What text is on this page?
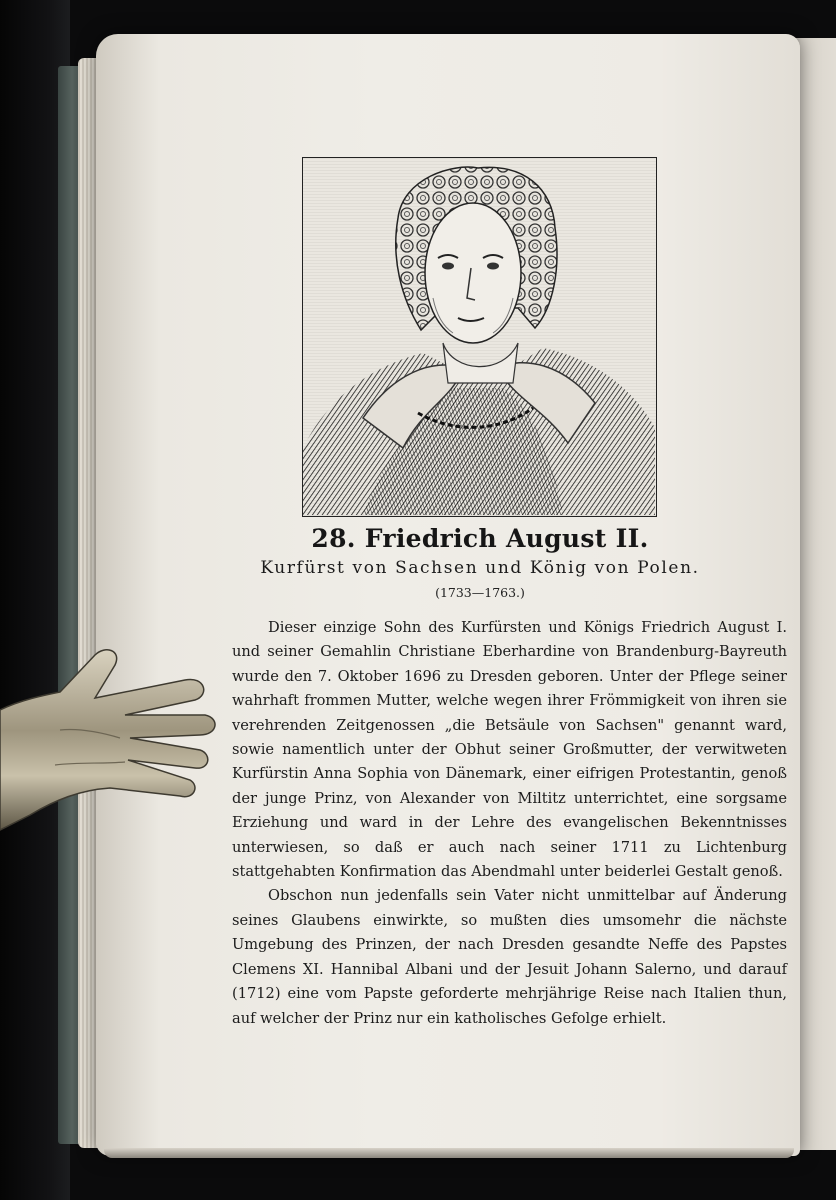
28. Friedrich August II.
Kurfürst von Sachsen und König von Polen.
(1733—1763.)

Dieser einzige Sohn des Kurfürsten und Königs Friedrich August I. und seiner Gemahlin Christiane Eberhardine von Brandenburg-Bayreuth wurde den 7. Oktober 1696 zu Dresden geboren. Unter der Pflege seiner wahrhaft frommen Mutter, welche wegen ihrer Frömmigkeit von ihren sie verehrenden Zeitgenossen „die Betsäule von Sachsen" genannt ward, sowie namentlich unter der Obhut seiner Großmutter, der verwitweten Kurfürstin Anna Sophia von Dänemark, einer eifrigen Protestantin, genoß der junge Prinz, von Alexander von Miltitz unterrichtet, eine sorgsame Erziehung und ward in der Lehre des evangelischen Bekenntnisses unterwiesen, so daß er auch nach seiner 1711 zu Lichtenburg stattgehabten Konfirmation das Abendmahl unter beiderlei Gestalt genoß.

Obschon nun jedenfalls sein Vater nicht unmittelbar auf Änderung seines Glaubens einwirkte, so mußten dies umsomehr die nächste Umgebung des Prinzen, der nach Dresden gesandte Neffe des Papstes Clemens XI. Hannibal Albani und der Jesuit Johann Salerno, und darauf (1712) eine vom Papste geforderte mehrjährige Reise nach Italien thun, auf welcher der Prinz nur ein katholisches Gefolge erhielt.
